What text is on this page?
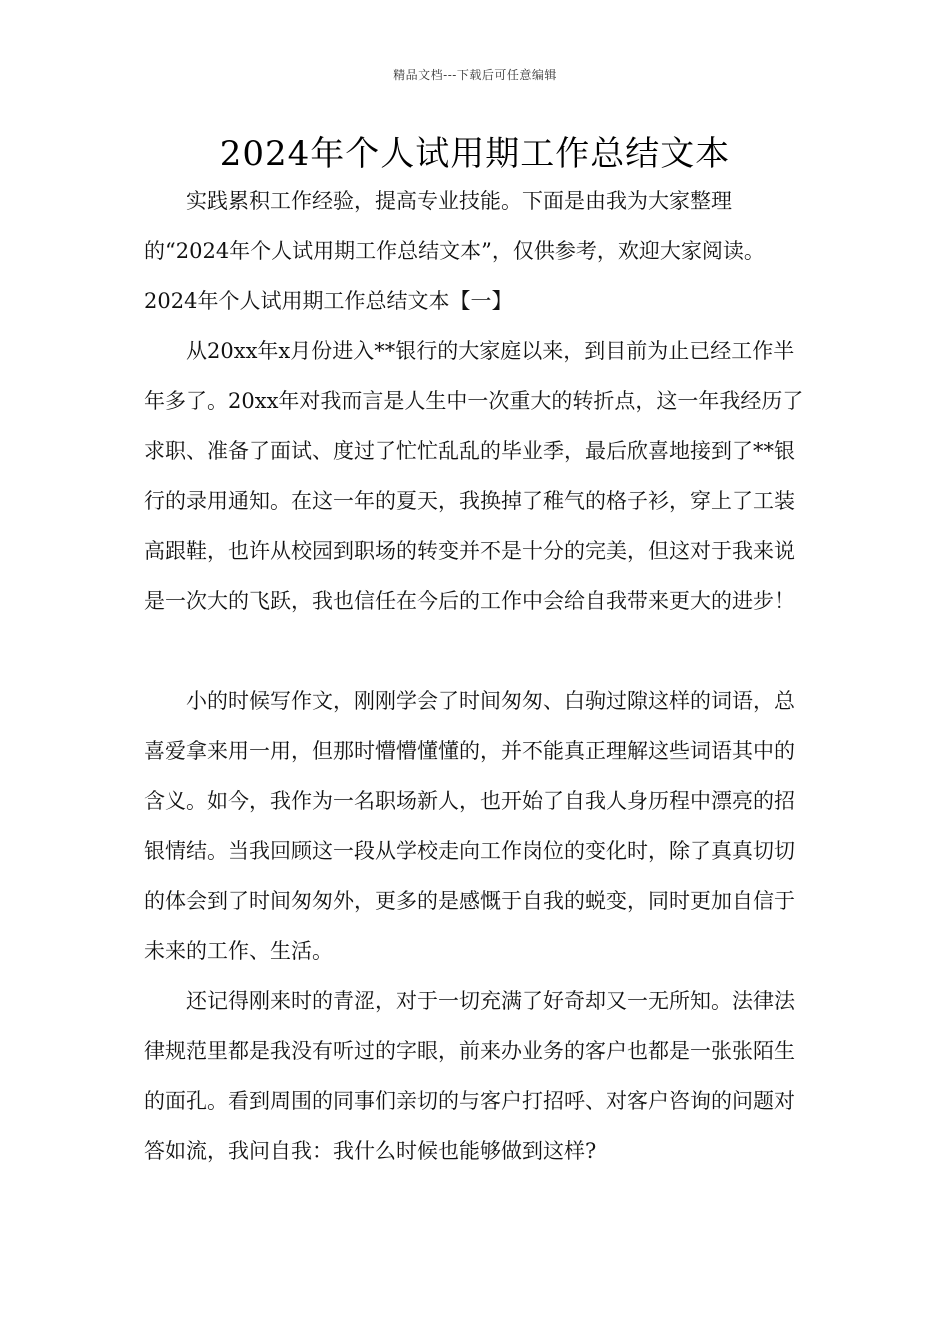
精品文档---下载后可任意编辑
2024年个人试用期工作总结文本

实践累积工作经验，提高专业技能。下面是由我为大家整理的“2024年个人试用期工作总结文本”，仅供参考，欢迎大家阅读。

2024年个人试用期工作总结文本【一】

从20xx年x月份进入**银行的大家庭以来，到目前为止已经工作半年多了。20xx年对我而言是人生中一次重大的转折点，这一年我经历了求职、准备了面试、度过了忙忙乱乱的毕业季，最后欣喜地接到了**银行的录用通知。在这一年的夏天，我换掉了稚气的格子衫，穿上了工装高跟鞋，也许从校园到职场的转变并不是十分的完美，但这对于我来说是一次大的飞跃，我也信任在今后的工作中会给自我带来更大的进步！

小的时候写作文，刚刚学会了时间匆匆、白驹过隙这样的词语，总喜爱拿来用一用，但那时懵懵懂懂的，并不能真正理解这些词语其中的含义。如今，我作为一名职场新人，也开始了自我人身历程中漂亮的招银情结。当我回顾这一段从学校走向工作岗位的变化时，除了真真切切的体会到了时间匆匆外，更多的是感慨于自我的蜕变，同时更加自信于未来的工作、生活。

还记得刚来时的青涩，对于一切充满了好奇却又一无所知。法律法律规范里都是我没有听过的字眼，前来办业务的客户也都是一张张陌生的面孔。看到周围的同事们亲切的与客户打招呼、对客户咨询的问题对答如流，我问自我：我什么时候也能够做到这样?
